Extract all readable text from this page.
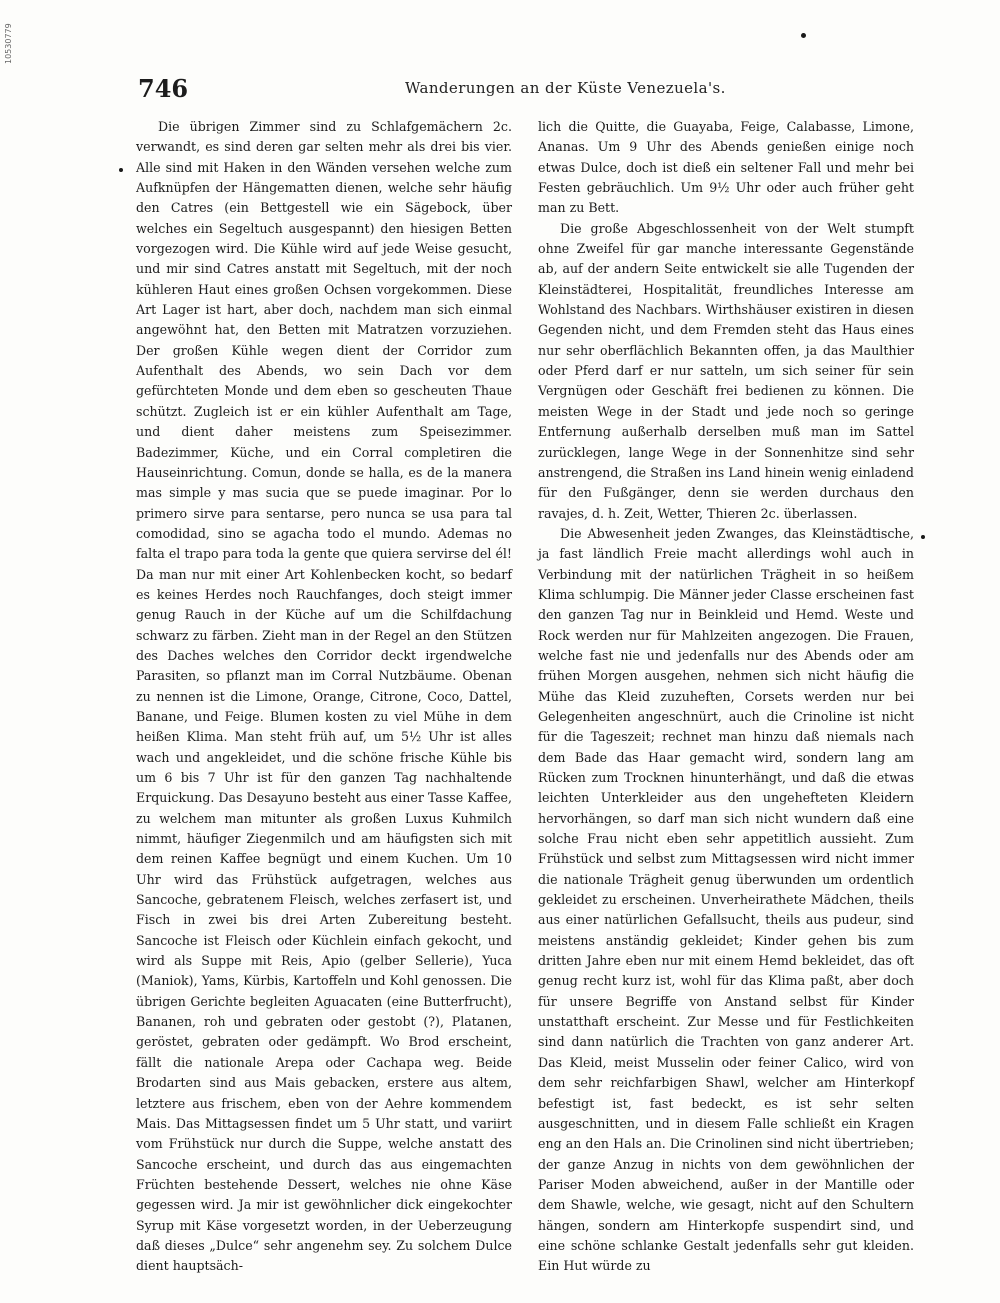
10530779
746	Wanderungen an der Küste Venezuela's.

Die übrigen Zimmer sind zu Schlafgemächern 2c. verwandt, es sind deren gar selten mehr als drei bis vier. Alle sind mit Haken in den Wänden versehen welche zum Aufknüpfen der Hängematten dienen, welche sehr häufig den Catres (ein Bettgestell wie ein Sägebock, über welches ein Segeltuch ausgespannt) den hiesigen Betten vorgezogen wird. Die Kühle wird auf jede Weise gesucht, und mir sind Catres anstatt mit Segeltuch, mit der noch kühleren Haut eines großen Ochsen vorgekommen. Diese Art Lager ist hart, aber doch, nachdem man sich einmal angewöhnt hat, den Betten mit Matratzen vorzuziehen. Der großen Kühle wegen dient der Corridor zum Aufenthalt des Abends, wo sein Dach vor dem gefürchteten Monde und dem eben so gescheuten Thaue schützt. Zugleich ist er ein kühler Aufenthalt am Tage, und dient daher meistens zum Speisezimmer. Badezimmer, Küche, und ein Corral completiren die Hauseinrichtung. Comun, donde se halla, es de la manera mas simple y mas sucia que se puede imaginar. Por lo primero sirve para sentarse, pero nunca se usa para tal comodidad, sino se agacha todo el mundo. Ademas no falta el trapo para toda la gente que quiera servirse del él! Da man nur mit einer Art Kohlenbecken kocht, so bedarf es keines Herdes noch Rauchfanges, doch steigt immer genug Rauch in der Küche auf um die Schilfdachung schwarz zu färben. Zieht man in der Regel an den Stützen des Daches welches den Corridor deckt irgendwelche Parasiten, so pflanzt man im Corral Nutzbäume. Obenan zu nennen ist die Limone, Orange, Citrone, Coco, Dattel, Banane, und Feige. Blumen kosten zu viel Mühe in dem heißen Klima. Man steht früh auf, um 5½ Uhr ist alles wach und angekleidet, und die schöne frische Kühle bis um 6 bis 7 Uhr ist für den ganzen Tag nachhaltende Erquickung. Das Desayuno besteht aus einer Tasse Kaffee, zu welchem man mitunter als großen Luxus Kuhmilch nimmt, häufiger Ziegenmilch und am häufigsten sich mit dem reinen Kaffee begnügt und einem Kuchen. Um 10 Uhr wird das Frühstück aufgetragen, welches aus Sancoche, gebratenem Fleisch, welches zerfasert ist, und Fisch in zwei bis drei Arten Zubereitung besteht. Sancoche ist Fleisch oder Küchlein einfach gekocht, und wird als Suppe mit Reis, Apio (gelber Sellerie), Yuca (Maniok), Yams, Kürbis, Kartoffeln und Kohl genossen. Die übrigen Gerichte begleiten Aguacaten (eine Butterfrucht), Bananen, roh und gebraten oder gestobt (?), Platanen, geröstet, gebraten oder gedämpft. Wo Brod erscheint, fällt die nationale Arepa oder Cachapa weg. Beide Brodarten sind aus Mais gebacken, erstere aus altem, letztere aus frischem, eben von der Aehre kommendem Mais. Das Mittagsessen findet um 5 Uhr statt, und variirt vom Frühstück nur durch die Suppe, welche anstatt des Sancoche erscheint, und durch das aus eingemachten Früchten bestehende Dessert, welches nie ohne Käse gegessen wird. Ja mir ist gewöhnlicher dick eingekochter Syrup mit Käse vorgesetzt worden, in der Ueberzeugung daß dieses „Dulce“ sehr angenehm sey. Zu solchem Dulce dient hauptsäch-

lich die Quitte, die Guayaba, Feige, Calabasse, Limone, Ananas. Um 9 Uhr des Abends genießen einige noch etwas Dulce, doch ist dieß ein seltener Fall und mehr bei Festen gebräuchlich. Um 9½ Uhr oder auch früher geht man zu Bett.

Die große Abgeschlossenheit von der Welt stumpft ohne Zweifel für gar manche interessante Gegenstände ab, auf der andern Seite entwickelt sie alle Tugenden der Kleinstädterei, Hospitalität, freundliches Interesse am Wohlstand des Nachbars. Wirthshäuser existiren in diesen Gegenden nicht, und dem Fremden steht das Haus eines nur sehr oberflächlich Bekannten offen, ja das Maulthier oder Pferd darf er nur satteln, um sich seiner für sein Vergnügen oder Geschäft frei bedienen zu können. Die meisten Wege in der Stadt und jede noch so geringe Entfernung außerhalb derselben muß man im Sattel zurücklegen, lange Wege in der Sonnenhitze sind sehr anstrengend, die Straßen ins Land hinein wenig einladend für den Fußgänger, denn sie werden durchaus den ravajes, d. h. Zeit, Wetter, Thieren 2c. überlassen.

Die Abwesenheit jeden Zwanges, das Kleinstädtische, ja fast ländlich Freie macht allerdings wohl auch in Verbindung mit der natürlichen Trägheit in so heißem Klima schlumpig. Die Männer jeder Classe erscheinen fast den ganzen Tag nur in Beinkleid und Hemd. Weste und Rock werden nur für Mahlzeiten angezogen. Die Frauen, welche fast nie und jedenfalls nur des Abends oder am frühen Morgen ausgehen, nehmen sich nicht häufig die Mühe das Kleid zuzuheften, Corsets werden nur bei Gelegenheiten angeschnürt, auch die Crinoline ist nicht für die Tageszeit; rechnet man hinzu daß niemals nach dem Bade das Haar gemacht wird, sondern lang am Rücken zum Trocknen hinunterhängt, und daß die etwas leichten Unterkleider aus den ungehefteten Kleidern hervorhängen, so darf man sich nicht wundern daß eine solche Frau nicht eben sehr appetitlich aussieht. Zum Frühstück und selbst zum Mittagsessen wird nicht immer die nationale Trägheit genug überwunden um ordentlich gekleidet zu erscheinen. Unverheirathete Mädchen, theils aus einer natürlichen Gefallsucht, theils aus pudeur, sind meistens anständig gekleidet; Kinder gehen bis zum dritten Jahre eben nur mit einem Hemd bekleidet, das oft genug recht kurz ist, wohl für das Klima paßt, aber doch für unsere Begriffe von Anstand selbst für Kinder unstatthaft erscheint. Zur Messe und für Festlichkeiten sind dann natürlich die Trachten von ganz anderer Art. Das Kleid, meist Musselin oder feiner Calico, wird von dem sehr reichfarbigen Shawl, welcher am Hinterkopf befestigt ist, fast bedeckt, es ist sehr selten ausgeschnitten, und in diesem Falle schließt ein Kragen eng an den Hals an. Die Crinolinen sind nicht übertrieben; der ganze Anzug in nichts von dem gewöhnlichen der Pariser Moden abweichend, außer in der Mantille oder dem Shawle, welche, wie gesagt, nicht auf den Schultern hängen, sondern am Hinterkopfe suspendirt sind, und eine schöne schlanke Gestalt jedenfalls sehr gut kleiden. Ein Hut würde zu
